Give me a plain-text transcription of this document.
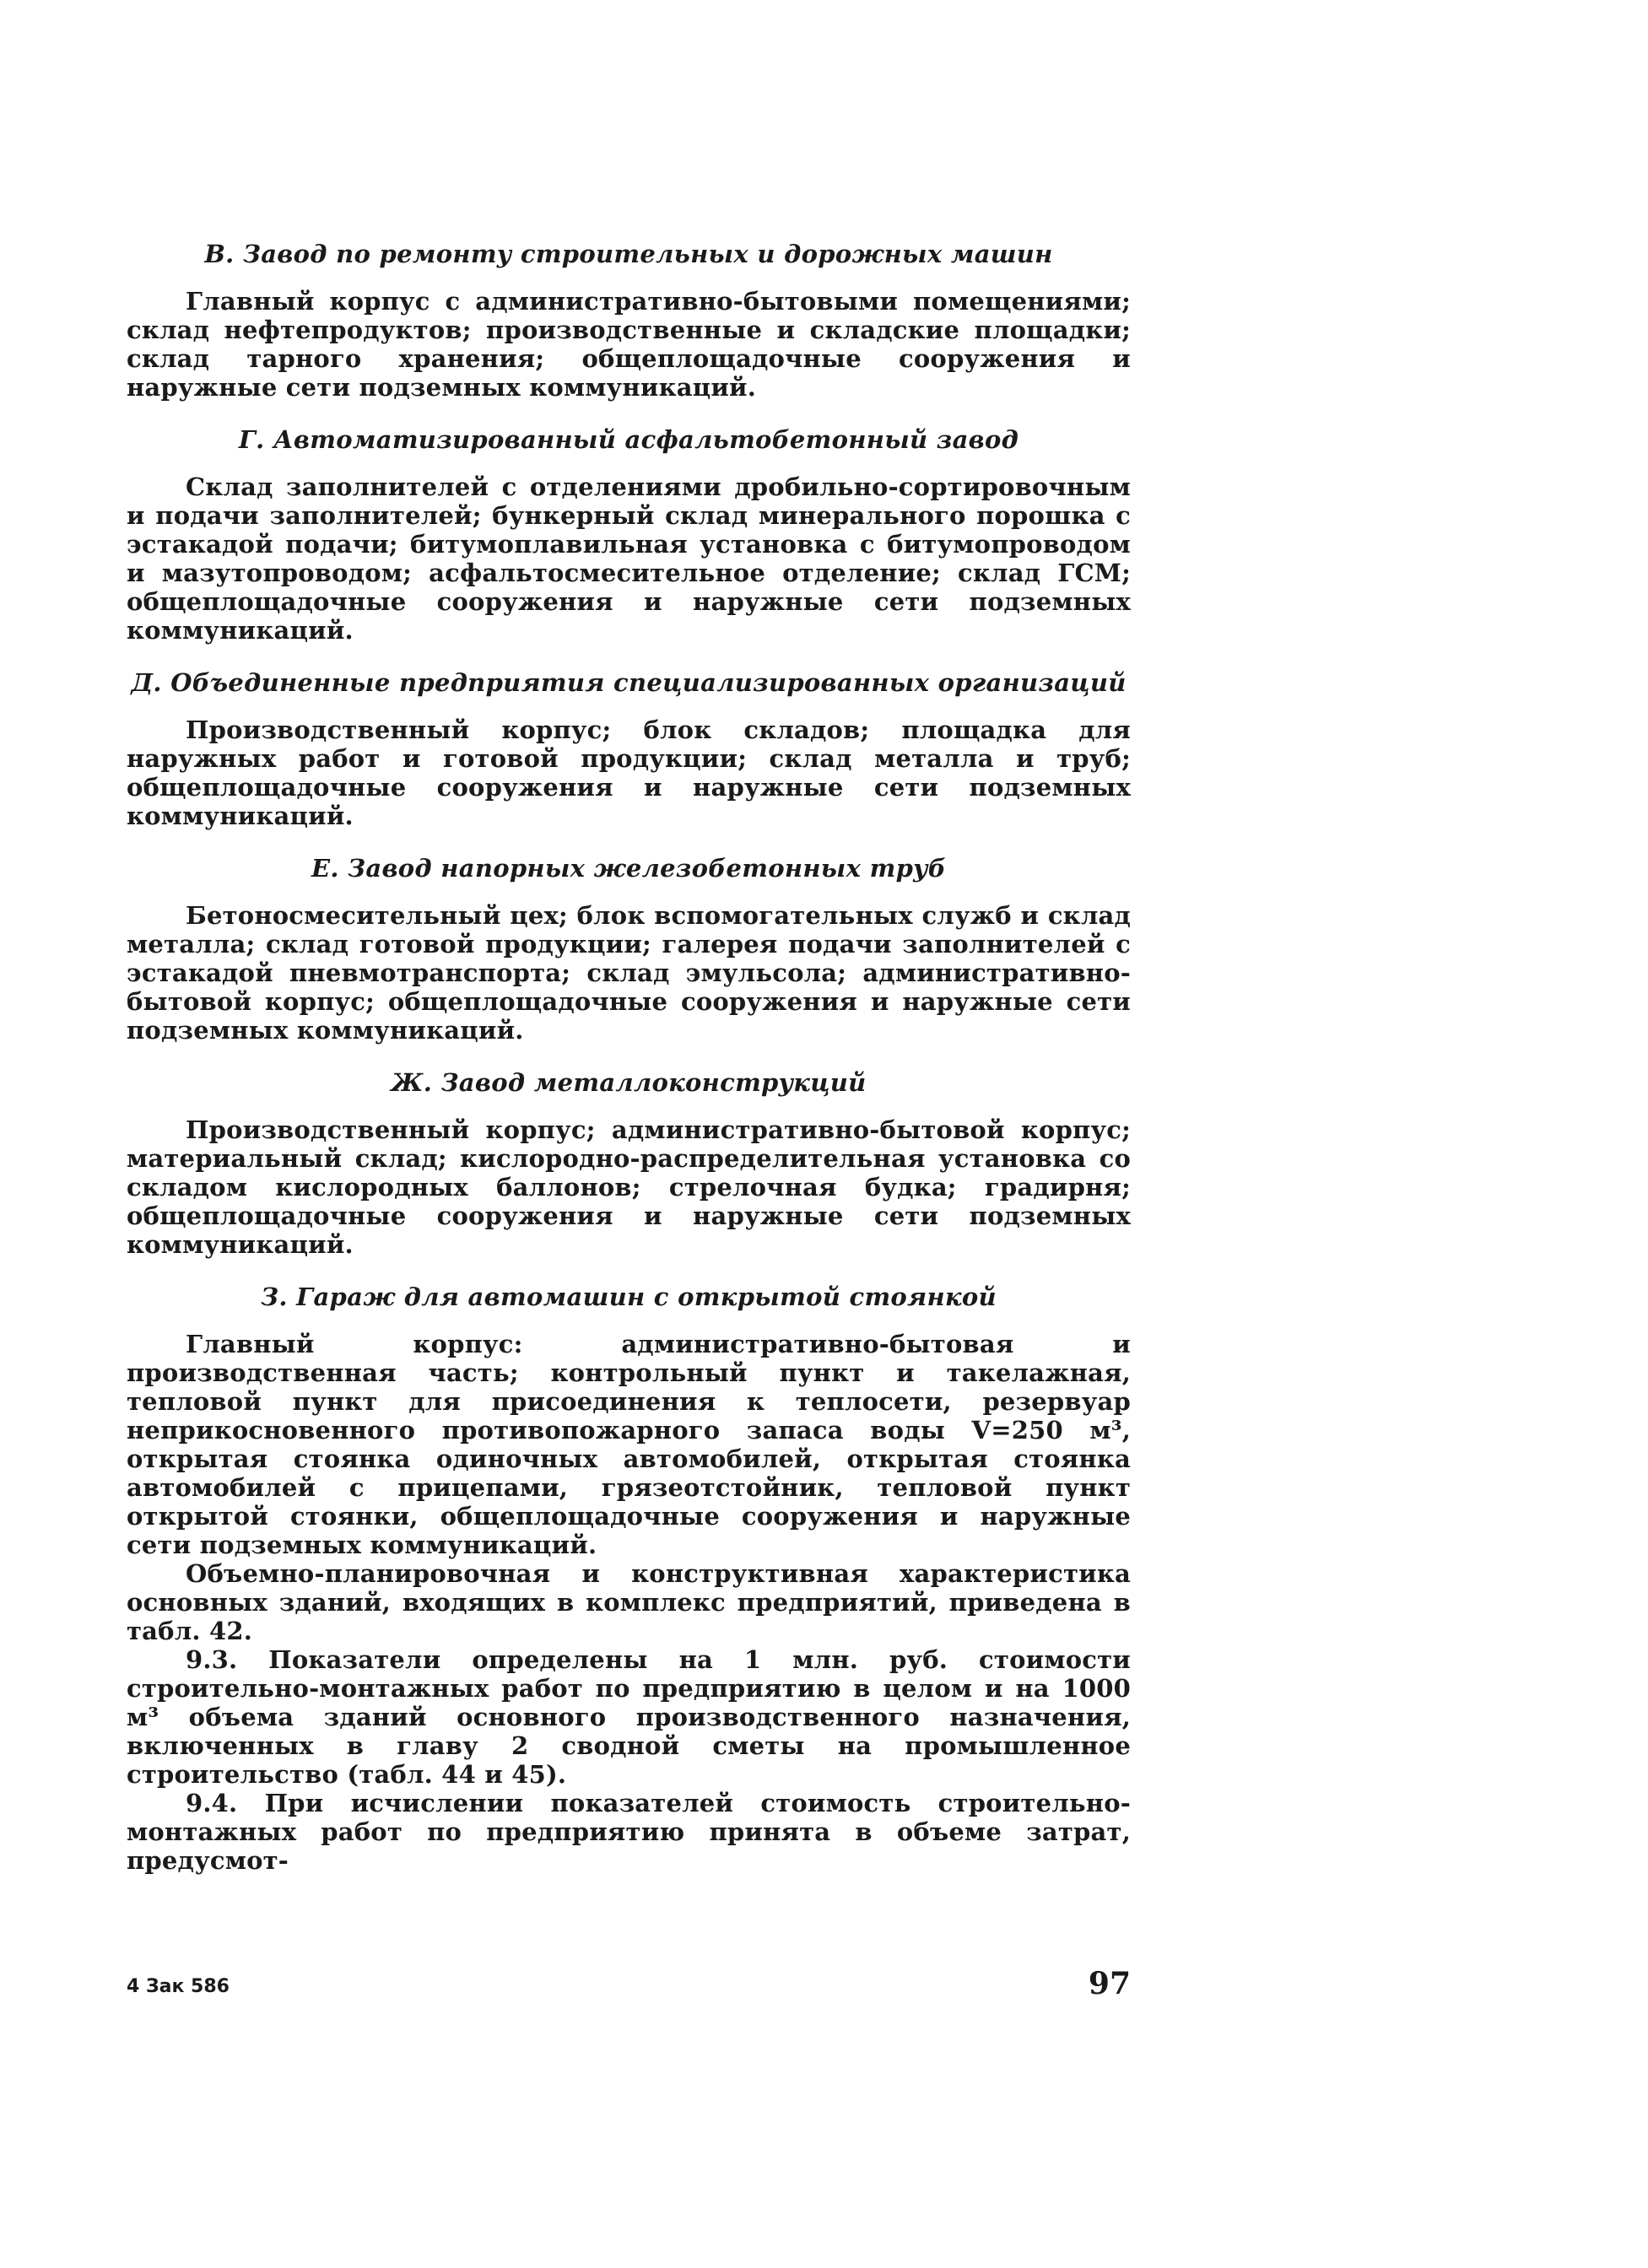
В. Завод по ремонту строительных и дорожных машин

Главный корпус с административно-бытовыми помещениями; склад нефтепродуктов; производственные и складские площадки; склад тарного хранения; общеплощадочные сооружения и наружные сети подземных коммуникаций.

Г. Автоматизированный асфальтобетонный завод

Склад заполнителей с отделениями дробильно-сортировочным и подачи заполнителей; бункерный склад минерального порошка с эстакадой подачи; битумоплавильная установка с битумопроводом и мазутопроводом; асфальтосмесительное отделение; склад ГСМ; общеплощадочные сооружения и наружные сети подземных коммуникаций.

Д. Объединенные предприятия специализированных организаций

Производственный корпус; блок складов; площадка для наружных работ и готовой продукции; склад металла и труб; общеплощадочные сооружения и наружные сети подземных коммуникаций.

Е. Завод напорных железобетонных труб

Бетоносмесительный цех; блок вспомогательных служб и склад металла; склад готовой продукции; галерея подачи заполнителей с эстакадой пневмотранспорта; склад эмульсола; административно-бытовой корпус; общеплощадочные сооружения и наружные сети подземных коммуникаций.

Ж. Завод металлоконструкций

Производственный корпус; административно-бытовой корпус; материальный склад; кислородно-распределительная установка со складом кислородных баллонов; стрелочная будка; градирня; общеплощадочные сооружения и наружные сети подземных коммуникаций.

З. Гараж для автомашин с открытой стоянкой

Главный корпус: административно-бытовая и производственная часть; контрольный пункт и такелажная, тепловой пункт для присоединения к теплосети, резервуар неприкосновенного противопожарного запаса воды V=250 м³, открытая стоянка одиночных автомобилей, открытая стоянка автомобилей с прицепами, грязеотстойник, тепловой пункт открытой стоянки, общеплощадочные сооружения и наружные сети подземных коммуникаций.

Объемно-планировочная и конструктивная характеристика основных зданий, входящих в комплекс предприятий, приведена в табл. 42.

9.3. Показатели определены на 1 млн. руб. стоимости строительно-монтажных работ по предприятию в целом и на 1000 м³ объема зданий основного производственного назначения, включенных в главу 2 сводной сметы на промышленное строительство (табл. 44 и 45).

9.4. При исчислении показателей стоимость строительно-монтажных работ по предприятию принята в объеме затрат, предусмот-

4 Зак 586	97
